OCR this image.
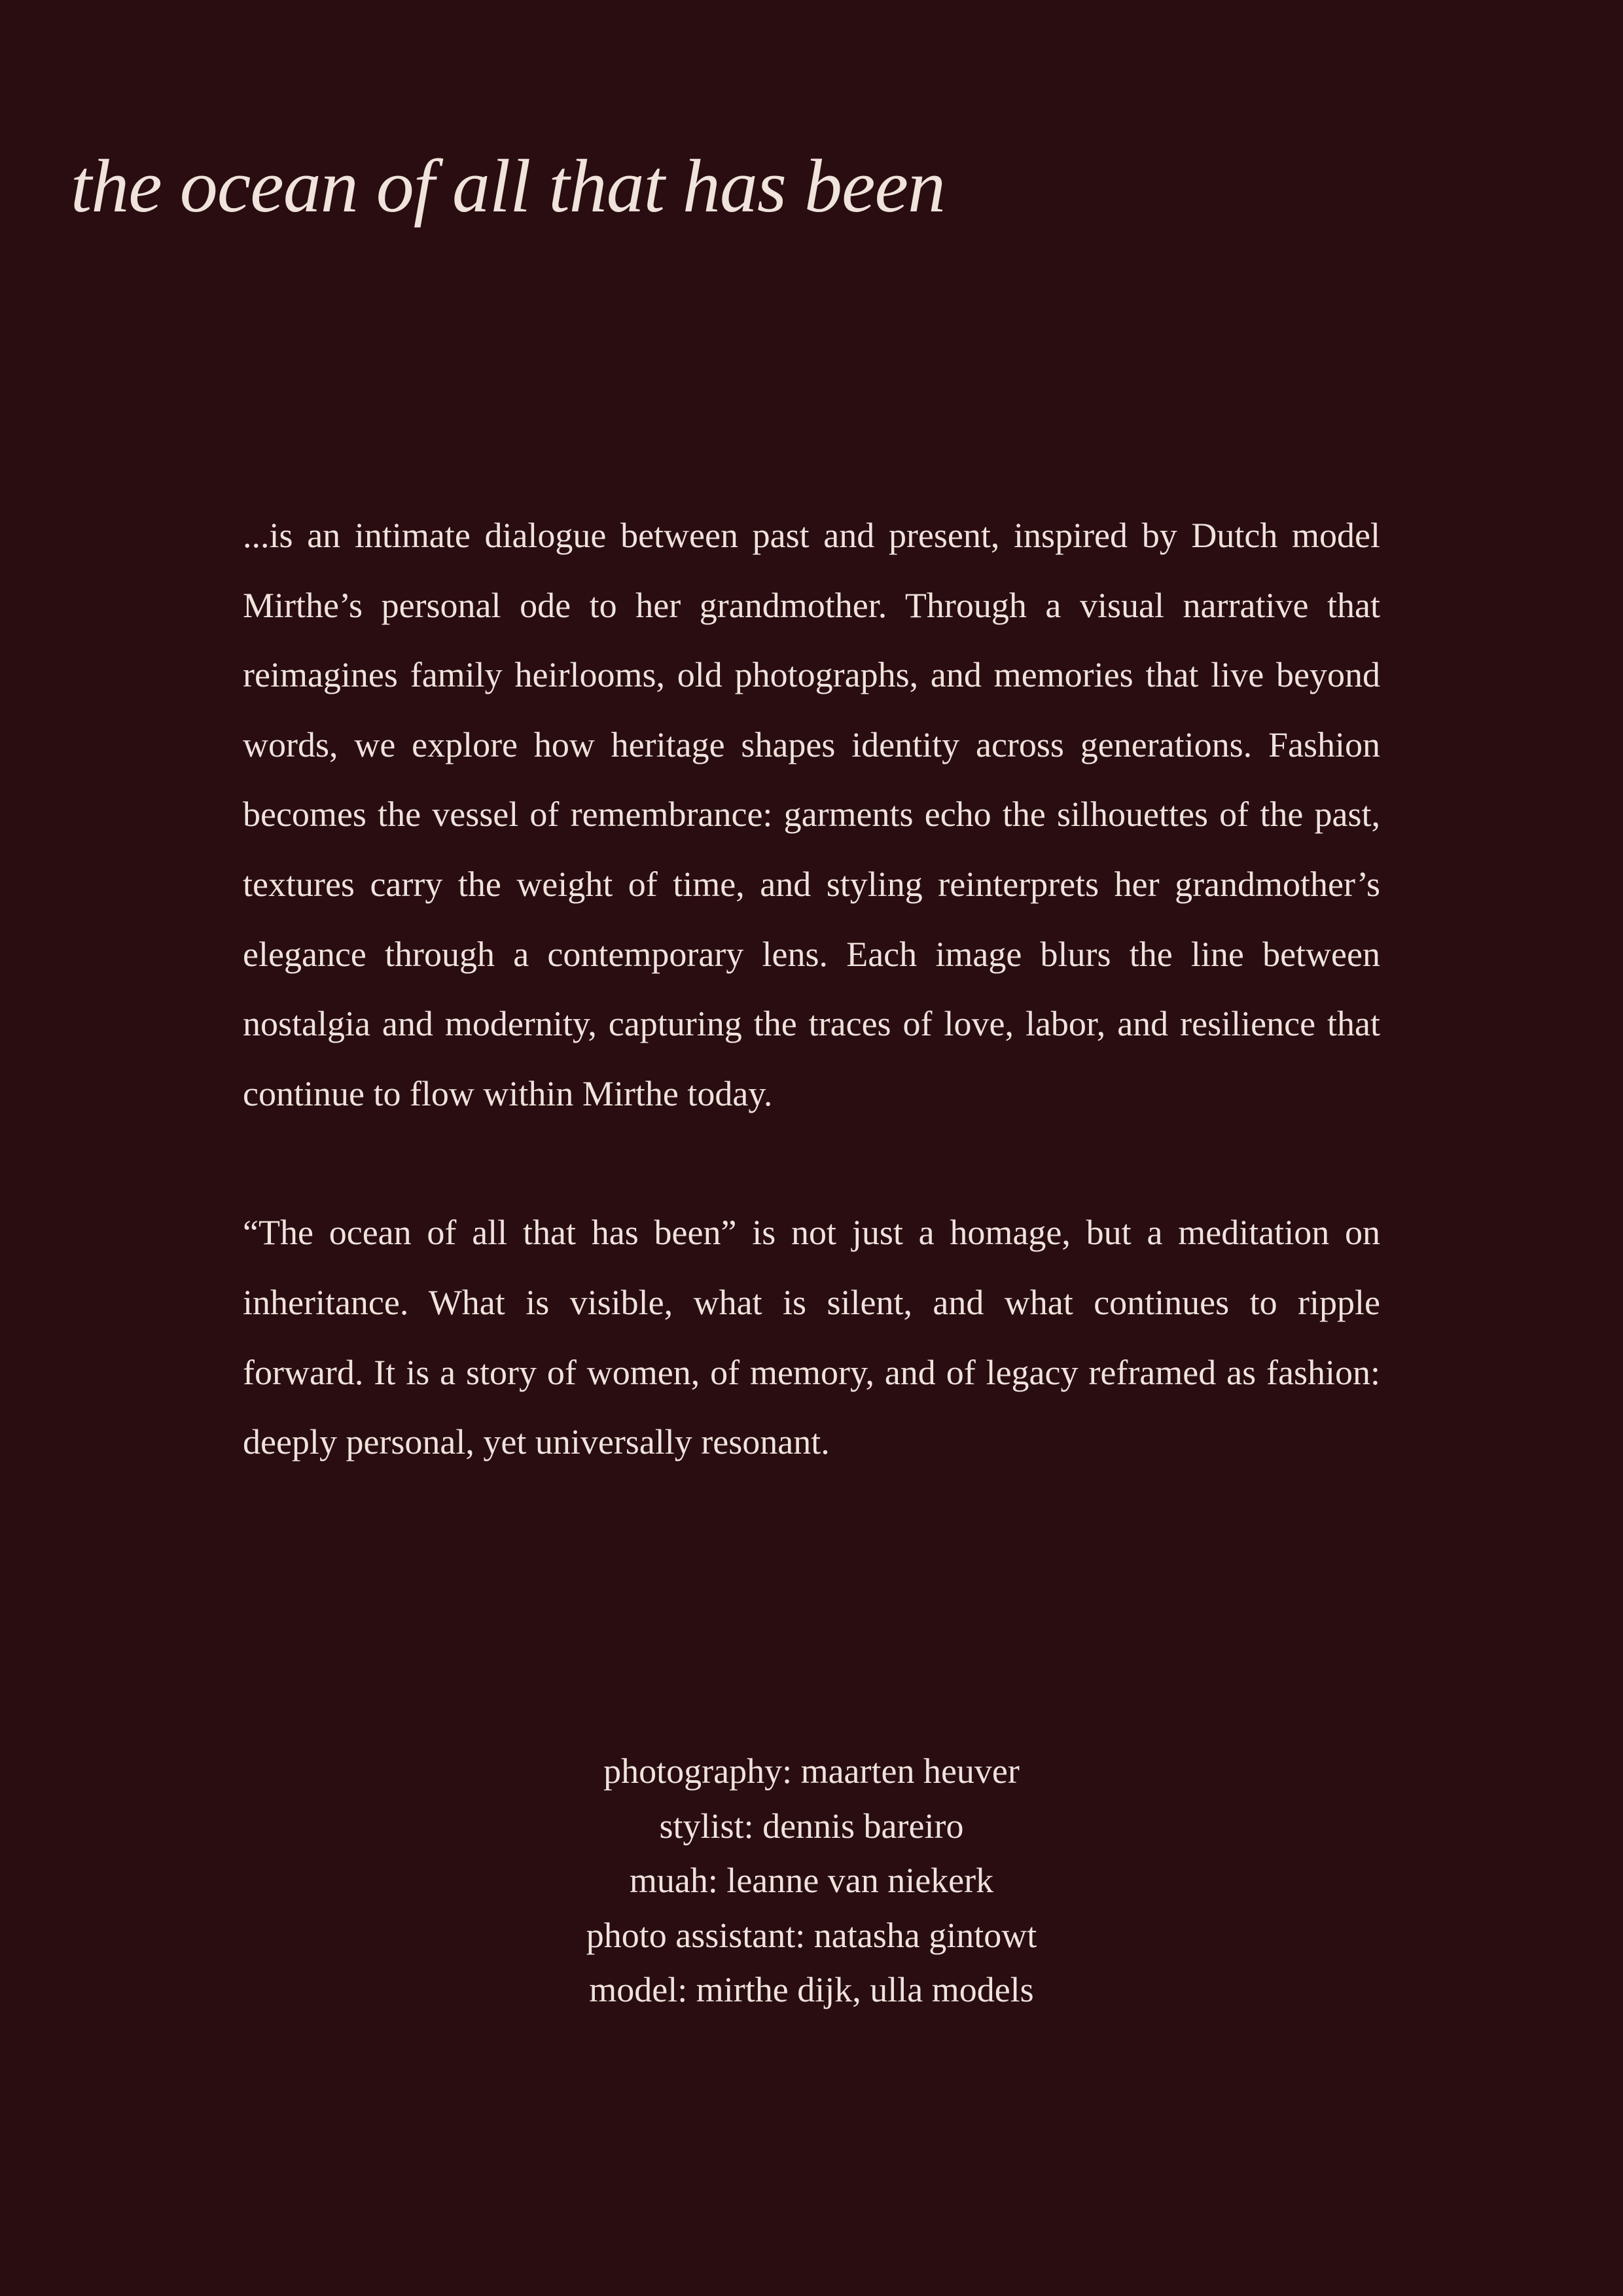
the ocean of all that has been

...is an intimate dialogue between past and present, inspired by Dutch model Mirthe’s personal ode to her grandmother. Through a visual narrative that reimagines family heirlooms, old photographs, and memories that live beyond words, we explore how heritage shapes identity across generations. Fashion becomes the vessel of remembrance: garments echo the silhouettes of the past, textures carry the weight of time, and styling reinterprets her grandmother’s elegance through a contemporary lens. Each image blurs the line between nostalgia and modernity, capturing the traces of love, labor, and resilience that continue to flow within Mirthe today.

“The ocean of all that has been” is not just a homage, but a meditation on inheritance. What is visible, what is silent, and what continues to ripple forward. It is a story of women, of memory, and of legacy reframed as fashion: deeply personal, yet universally resonant.

photography: maarten heuver
stylist: dennis bareiro
muah: leanne van niekerk
photo assistant: natasha gintowt
model: mirthe dijk, ulla models
